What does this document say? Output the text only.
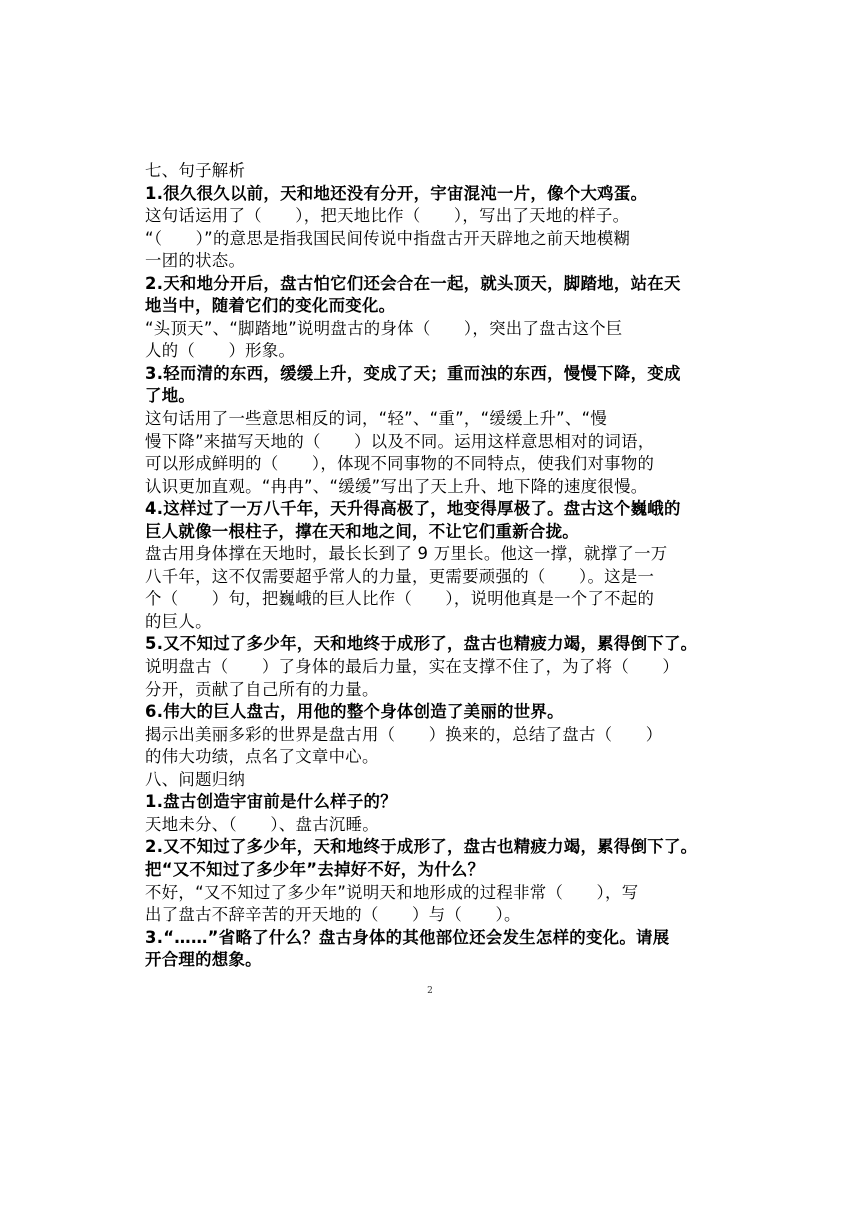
七、句子解析
1.很久很久以前，天和地还没有分开，宇宙混沌一片，像个大鸡蛋。
这句话运用了（　　），把天地比作（　　），写出了天地的样子。
“（　　）”的意思是指我国民间传说中指盘古开天辟地之前天地模糊
一团的状态。
2.天和地分开后，盘古怕它们还会合在一起，就头顶天，脚踏地，站在天
地当中，随着它们的变化而变化。
“头顶天”、“脚踏地”说明盘古的身体（　　），突出了盘古这个巨
人的（　　）形象。
3.轻而清的东西，缓缓上升，变成了天；重而浊的东西，慢慢下降，变成
了地。
这句话用了一些意思相反的词，“轻”、“重”，“缓缓上升”、“慢
慢下降”来描写天地的（　　）以及不同。运用这样意思相对的词语，
可以形成鲜明的（　　），体现不同事物的不同特点，使我们对事物的
认识更加直观。“冉冉”、“缓缓”写出了天上升、地下降的速度很慢。
4.这样过了一万八千年，天升得高极了，地变得厚极了。盘古这个巍峨的
巨人就像一根柱子，撑在天和地之间，不让它们重新合拢。
盘古用身体撑在天地时，最长长到了 9 万里长。他这一撑，就撑了一万
八千年，这不仅需要超乎常人的力量，更需要顽强的（　　）。这是一
个（　　）句，把巍峨的巨人比作（　　），说明他真是一个了不起的
的巨人。
5.又不知过了多少年，天和地终于成形了，盘古也精疲力竭，累得倒下了。
说明盘古（　　）了身体的最后力量，实在支撑不住了，为了将（　　）
分开，贡献了自己所有的力量。
6.伟大的巨人盘古，用他的整个身体创造了美丽的世界。
揭示出美丽多彩的世界是盘古用（　　）换来的，总结了盘古（　　）
的伟大功绩，点名了文章中心。
八、问题归纳
1.盘古创造宇宙前是什么样子的？
天地未分、（　　）、盘古沉睡。
2.又不知过了多少年，天和地终于成形了，盘古也精疲力竭，累得倒下了。
把“又不知过了多少年”去掉好不好，为什么？
不好，“又不知过了多少年”说明天和地形成的过程非常（　　），写
出了盘古不辞辛苦的开天地的（　　）与（　　）。
3.“……”省略了什么？盘古身体的其他部位还会发生怎样的变化。请展
开合理的想象。
2
